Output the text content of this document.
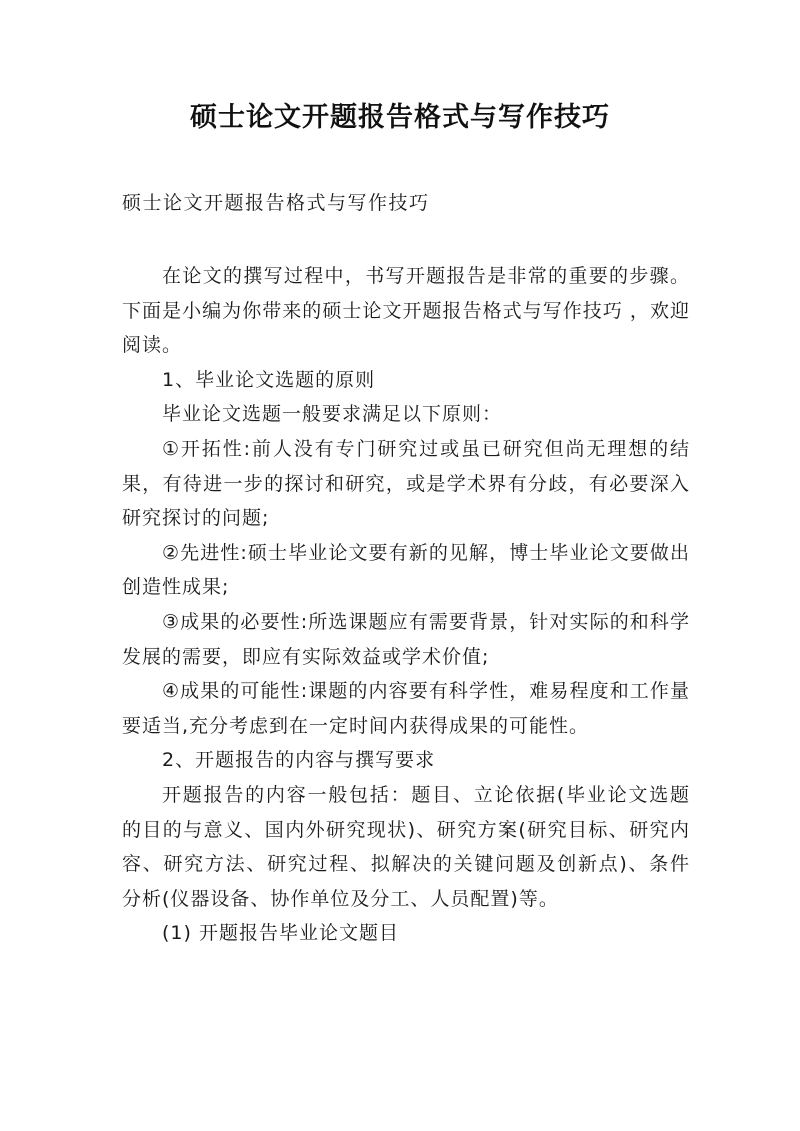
硕士论文开题报告格式与写作技巧
硕士论文开题报告格式与写作技巧

在论文的撰写过程中，书写开题报告是非常的重要的步骤。下面是小编为你带来的硕士论文开题报告格式与写作技巧 ，欢迎阅读。

1、毕业论文选题的原则

毕业论文选题一般要求满足以下原则：

①开拓性:前人没有专门研究过或虽已研究但尚无理想的结果，有待进一步的探讨和研究，或是学术界有分歧，有必要深入研究探讨的问题;

②先进性:硕士毕业论文要有新的见解，博士毕业论文要做出创造性成果;

③成果的必要性:所选课题应有需要背景，针对实际的和科学发展的需要，即应有实际效益或学术价值;

④成果的可能性:课题的内容要有科学性，难易程度和工作量要适当,充分考虑到在一定时间内获得成果的可能性。

2、开题报告的内容与撰写要求

开题报告的内容一般包括：题目、立论依据(毕业论文选题的目的与意义、国内外研究现状)、研究方案(研究目标、研究内容、研究方法、研究过程、拟解决的关键问题及创新点)、条件分析(仪器设备、协作单位及分工、人员配置)等。

(1) 开题报告毕业论文题目
